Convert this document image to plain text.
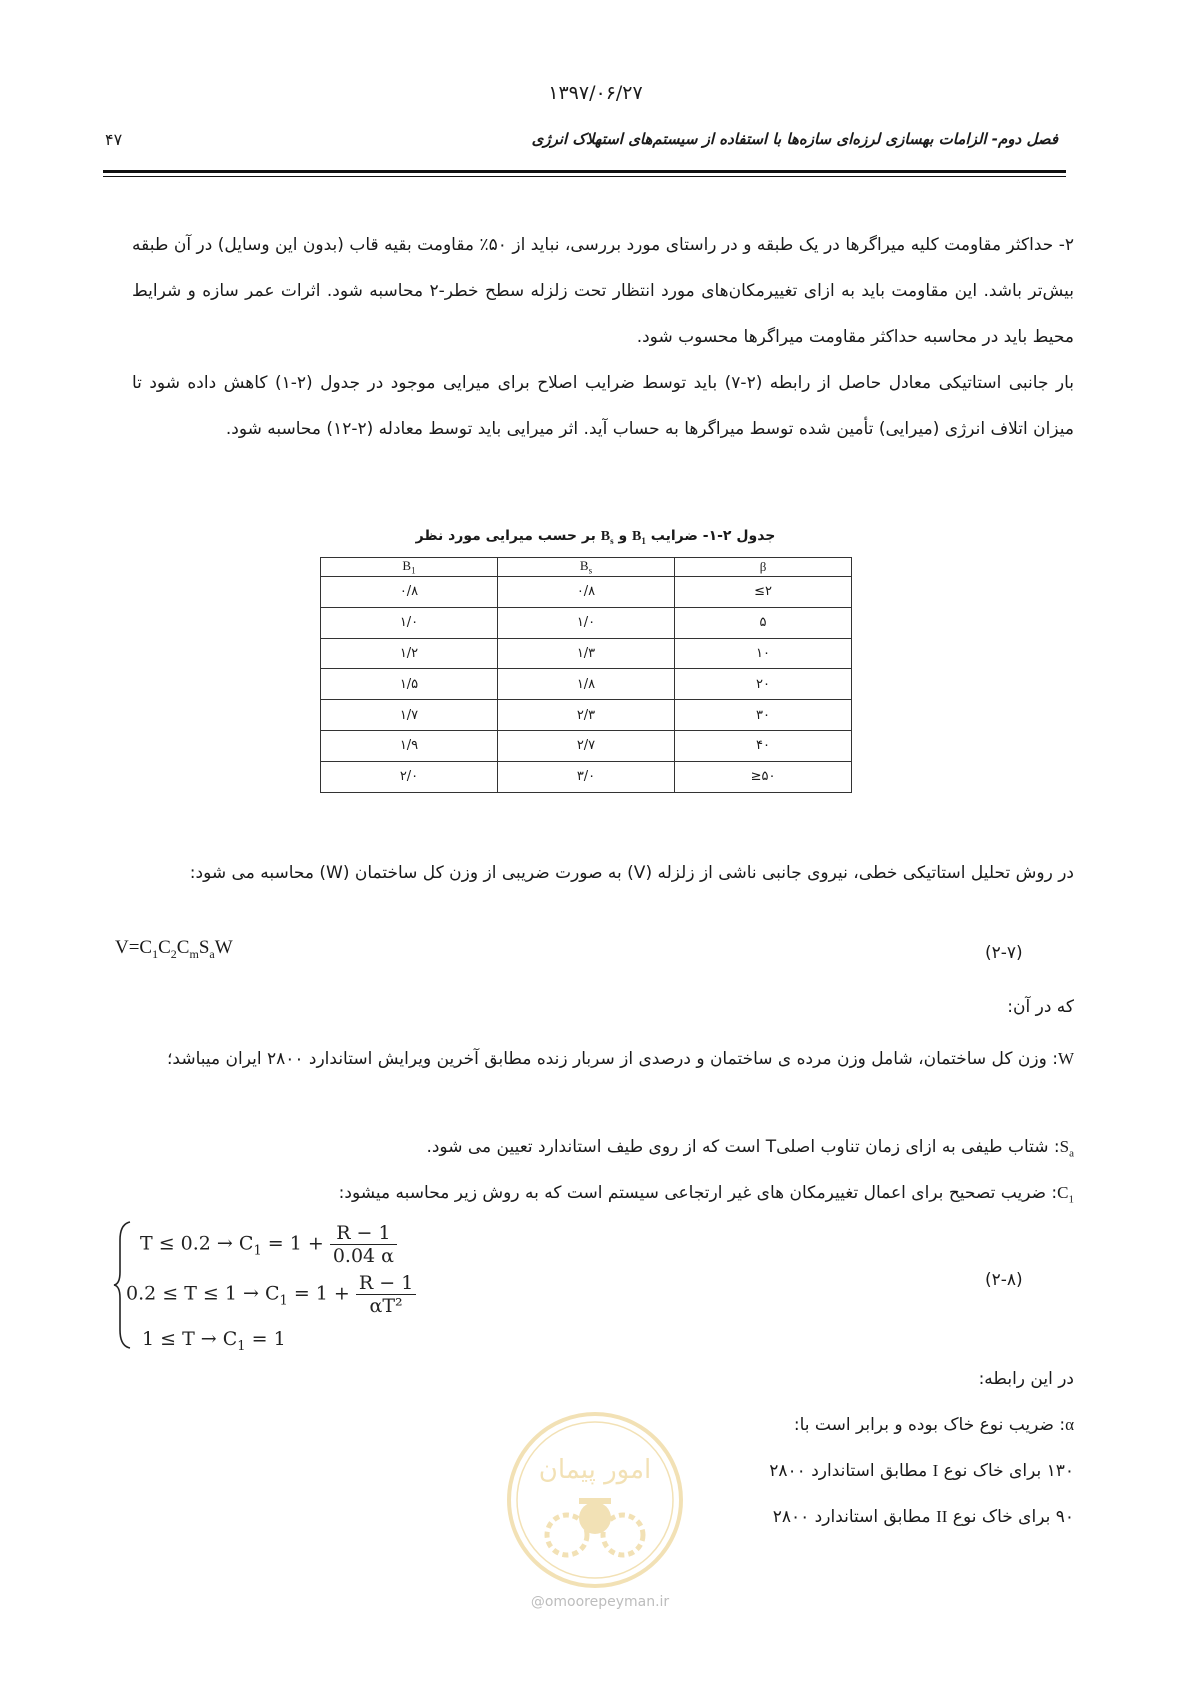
۱۳۹۷/۰۶/۲۷
فصل دوم- الزامات بهسازی لرزه‌ای سازه‌ها با استفاده از سیستم‌های استهلاک انرژی
۴۷
۲- حداکثر مقاومت کلیه میراگرها در یک طبقه و در راستای مورد بررسی، نباید از ۵۰٪ مقاومت بقیه قاب (بدون این وسایل) در آن طبقه بیش‌تر باشد. این مقاومت باید به ازای تغییرمکان‌های مورد انتظار تحت زلزله سطح خطر-۲ محاسبه شود. اثرات عمر سازه و شرایط محیط باید در محاسبه حداکثر مقاومت میراگرها محسوب شود.
بار جانبی استاتیکی معادل حاصل از رابطه (۲-۷) باید توسط ضرایب اصلاح برای میرایی موجود در جدول (۲-۱) کاهش داده شود تا میزان اتلاف انرژی (میرایی) تأمین شده توسط میراگرها به حساب آید. اثر میرایی باید توسط معادله (۲-۱۲) محاسبه شود.
جدول ۲-۱- ضرایب $B_1$ و $B_s$ بر حسب میرایی مورد نظر
$B_1$	$B_s$	β
۰/۸	۰/۸	≤۲
۱/۰	۱/۰	۵
۱/۲	۱/۳	۱۰
۱/۵	۱/۸	۲۰
۱/۷	۲/۳	۳۰
۱/۹	۲/۷	۴۰
۲/۰	۳/۰	≥۵۰
در روش تحلیل استاتیکی خطی، نیروی جانبی ناشی از زلزله (V) به صورت ضریبی از وزن کل ساختمان (W) محاسبه می شود:
$V=C_1C_2C_mS_aW$	(۲-۷)
که در آن:
W: وزن کل ساختمان، شامل وزن مرده ی ساختمان و درصدی از سربار زنده مطابق آخرین ویرایش استاندارد ۲۸۰۰ ایران میباشد؛
$S_a$: شتاب طیفی به ازای زمان تناوب اصلیT است که از روی طیف استاندارد تعیین می شود.
$C_1$: ضریب تصحیح برای اعمال تغییرمکان های غیر ارتجاعی سیستم است که به روش زیر محاسبه میشود:
$T \le 0.2 \to C_1 = 1 + \frac{R - 1}{0.04 \alpha}$
$0.2 \le T \le 1 \to C_1 = 1 + \frac{R - 1}{\text{αT²}}$
$1 \le T \to C_1 = 1$
(۲-۸)
در این رابطه:
α: ضریب نوع خاک بوده و برابر است با:
۱۳۰ برای خاک نوع I مطابق استاندارد ۲۸۰۰
۹۰ برای خاک نوع II مطابق استاندارد ۲۸۰۰
امور پیمان
@omoorepeyman.ir
